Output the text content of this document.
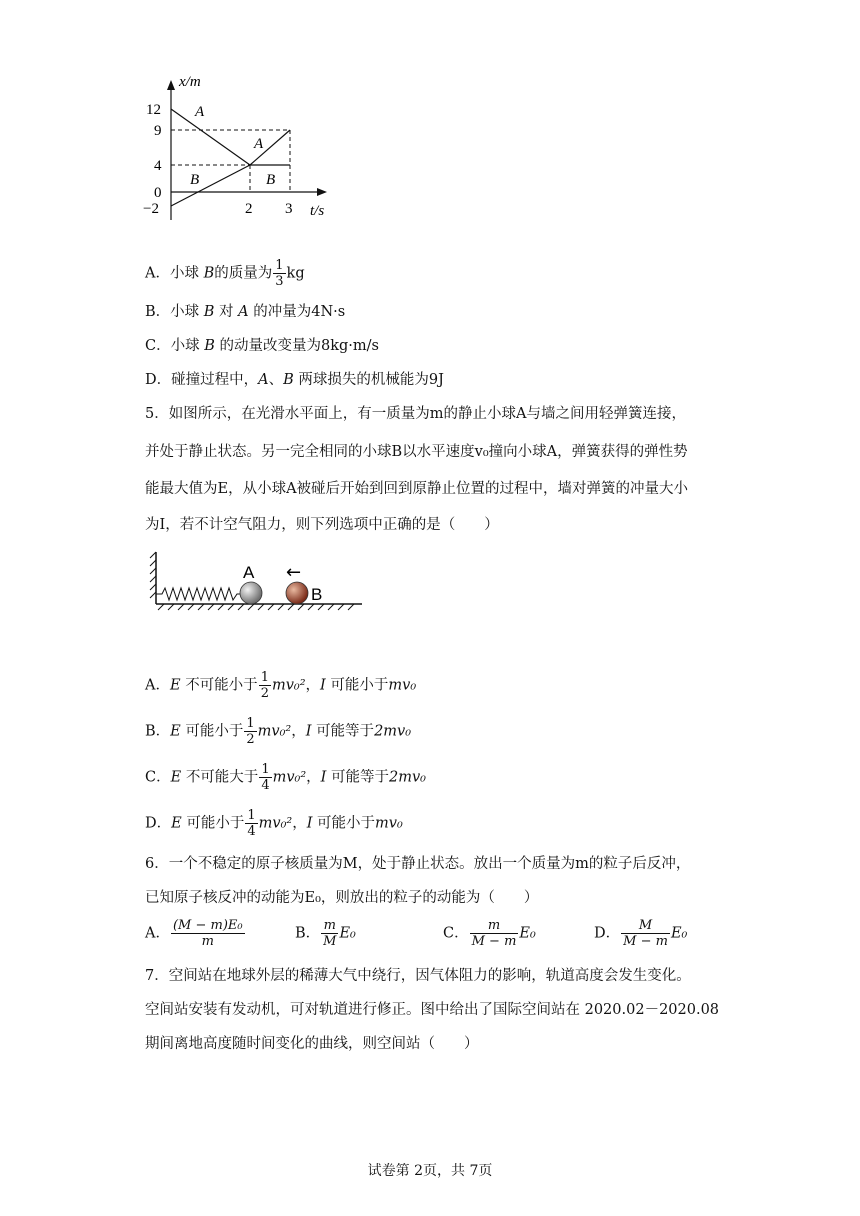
x/m
t/s
12
9
4
0
−2	2 3
A
A
B	B
A．小球 B的质量为 $\frac{1}{3}$ kg
B．小球 B 对 A 的冲量为4N·s
C．小球 B 的动量改变量为8kg·m/s
D．碰撞过程中，A、B 两球损失的机械能为9J
5．如图所示，在光滑水平面上，有一质量为m的静止小球A与墙之间用轻弹簧连接，
并处于静止状态。另一完全相同的小球B以水平速度v₀撞向小球A，弹簧获得的弹性势
能最大值为E，从小球A被碰后开始到回到原静止位置的过程中，墙对弹簧的冲量大小
为I，若不计空气阻力，则下列选项中正确的是（　　）
A
B
←
A．E 不可能小于 $\frac{1}{2} mv_0^2$，I 可能小于mv₀
B．E 可能小于 $\frac{1}{2} mv_0^2$，I 可能等于2mv₀
C．E 不可能大于 $\frac{1}{4} mv_0^2$，I 可能等于2mv₀
D．E 可能小于 $\frac{1}{4} mv_0^2$，I 可能小于mv₀
6．一个不稳定的原子核质量为M，处于静止状态。放出一个质量为m的粒子后反冲，
已知原子核反冲的动能为E₀，则放出的粒子的动能为（　　）
A． $\frac{\text{(M − m)E₀}}{m}$	B． $\frac{m}{M} E_0$	C． $\frac{m}{M - m} E_0$	D． $\frac{M}{M - m} E_0$
7．空间站在地球外层的稀薄大气中绕行，因气体阻力的影响，轨道高度会发生变化。
空间站安装有发动机，可对轨道进行修正。图中给出了国际空间站在 2020.02－2020.08
期间离地高度随时间变化的曲线，则空间站（　　）
试卷第 2页，共 7页
